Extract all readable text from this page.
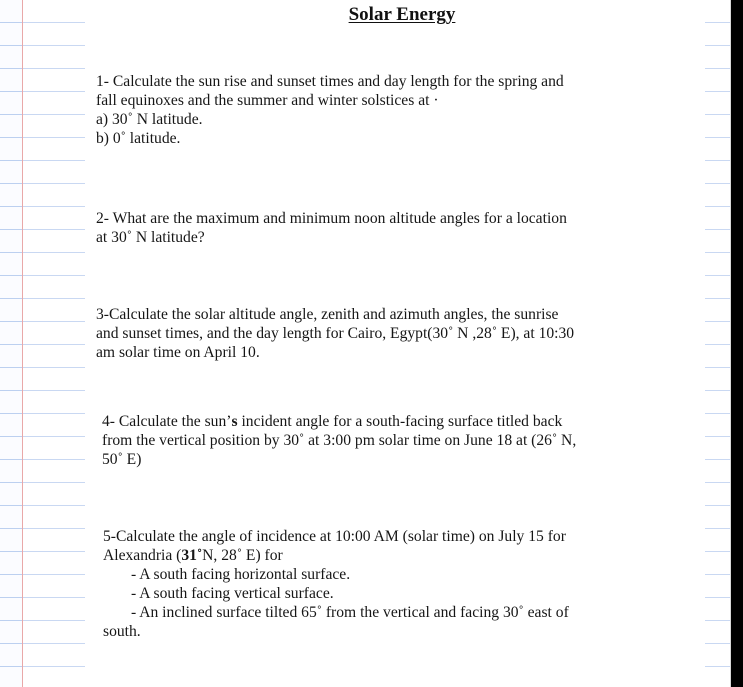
Solar Energy

1- Calculate the sun rise and sunset times and day length for the spring and

fall equinoxes and the summer and winter solstices at ·

a) 30˚ N latitude.

b) 0˚ latitude.

2- What are the maximum and minimum noon altitude angles for a location

at 30˚ N latitude?

3-Calculate the solar altitude angle, zenith and azimuth angles, the sunrise

and sunset times, and the day length for Cairo, Egypt(30˚ N ,28˚ E), at 10:30

am solar time on April 10.

4- Calculate the sun’s incident angle for a south-facing surface titled back

from the vertical position by 30˚ at 3:00 pm solar time on June 18 at (26˚ N,

50˚ E)

5-Calculate the angle of incidence at 10:00 AM (solar time) on July 15 for

Alexandria (31˚N, 28˚ E) for

- A south facing horizontal surface.

- A south facing vertical surface.

- An inclined surface tilted 65˚ from the vertical and facing 30˚ east of

south.
